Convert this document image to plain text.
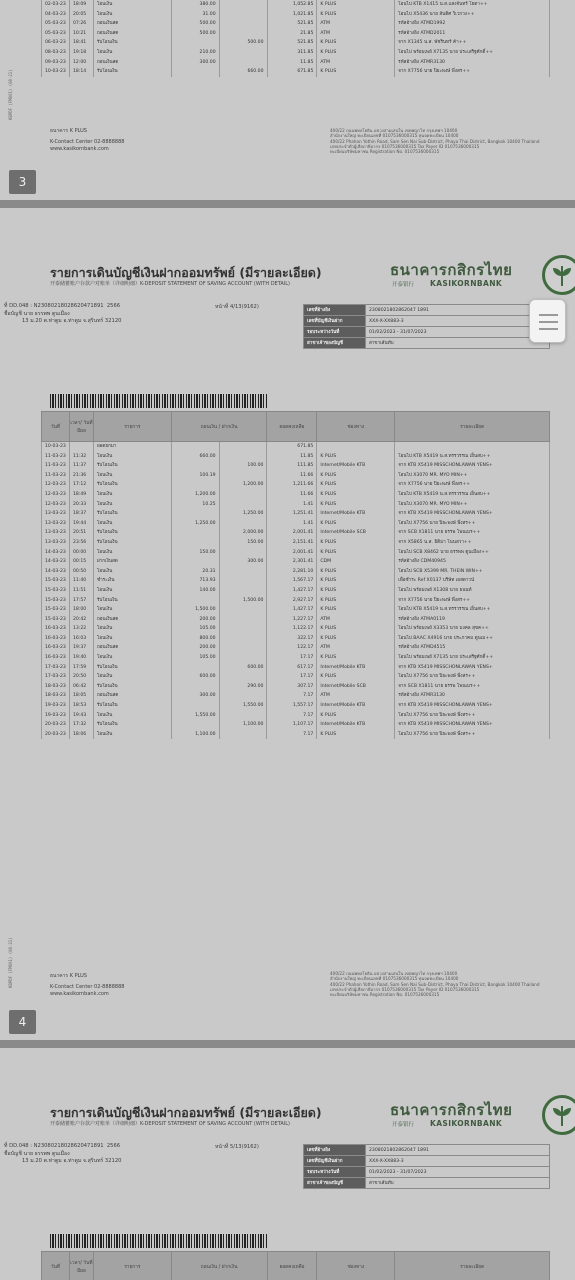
KBPDF (FM001) (08-21)
02-03-23	18:09	โอนเงิน	380.00		1,052.85	K PLUS	โอนไป KTB X1415 น.ส.แสงจันทร์ โยตา++
04-03-23	20:05	โอนเงิน	31.00		1,021.85	K PLUS	โอนไป X5436 นาย สันติศ วิเวกวง++
05-03-23	07:26	ถอนเงินสด	500.00		521.85	ATM	รหัสอ้างอิง ATMD1992
05-03-23	10:21	ถอนเงินสด	500.00		21.85	ATM	รหัสอ้างอิง ATMD2011
06-03-23	18:41	รับโอนเงิน		500.00	521.85	K PLUS	จาก X1345 น.ส. พัชรินทร์ ค้า++
08-03-23	19:18	โอนเงิน	210.00		311.85	K PLUS	โอนไป พร้อมเพย์ X7135 นาย ประเสริฐศักดิ์++
09-03-23	12:00	ถอนเงินสด	300.00		11.85	ATM	รหัสอ้างอิง ATMR3130
10-03-23	18:14	รับโอนเงิน		660.00	671.85	K PLUS	จาก X7756 นาย ปิยะพงษ์ พึ่งสร++
ธนาคาร K PLUS
K-Contact Center 02-8888888
www.kasikornbank.com
400/22 ถนนพหลโยธิน แขวงสามเสนใน เขตพญาไท กรุงเทพฯ 10400
สำนักงานใหญ่ ทะเบียนเลขที่ 0107536000315 ทุนจดทะเบียน 10400
400/22 Phahon Yothin Road, Sam Sen Nai Sub-District, Phaya Thai District, Bangkok 10400 Thailand
เลขประจำตัวผู้เสียภาษีอากร 0107536000315 Tax Payer ID 0107536000315
ทะเบียนบริษัทมหาชน Registration No. 0107536000315
3
รายการเดินบัญชีเงินฝากออมทรัพย์ (มีรายละเอียด)
开泰储蓄账户存款户对账单（详细明细）K-DEPOSIT STATEMENT OF SAVING ACCOUNT (WITH DETAIL)
ธนาคารกสิกรไทย
开泰银行 KASIKORNBANK
ที่ DD.048 : N23080218028620471891  2566
ชื่อบัญชี นาย ธรรพพ ตูนเมือง
13 ม.20 ต.ท่าตูม อ.ท่าตูม จ.สุรินทร์ 32120
หน้าที่ 4/13(9162)	เลขที่อ้างอิง	2308021802862047 1891
เลขที่บัญชีเงินฝาก	XXX-X-XX883-3
รอบระหว่างวันที่	01/02/2023 - 31/07/2023
สาขาเจ้าของบัญชี	สาขาเส้นทับ
KBPDF (FM001) (08-21)
วันที่	เวลา/ วันที่มีผล	รายการ	ถอนเงิน / ฝากเงิน		ยอดคงเหลือ	ช่องทาง	รายละเอียด
10-03-23		ยอดยกมา			671.85		
11-03-23	11:32	โอนเงิน	660.00		11.85	K PLUS	โอนไป KTB X5419 น.ส.ทรรวรรณ เย็นสบ++
11-03-23	11:37	รับโอนเงิน		100.00	111.85	Internet/Mobile KTB	จาก KTB X5419 MISSCHONLAWAN YENS+
11-03-23	21:36	โอนเงิน	100.19		11.66	K PLUS	โอนไป X3070 MR. MYO MIN++
12-03-23	17:12	รับโอนเงิน		1,200.00	1,211.66	K PLUS	จาก X7756 นาย ปิยะพงษ์ พึ่งสร++
12-03-23	18:49	โอนเงิน	1,200.00		11.66	K PLUS	โอนไป KTB X5419 น.ส.ทรรวรรณ เย็นสบ++
12-03-23	20:33	โอนเงิน	10.25		1.41	K PLUS	โอนไป X3070 MR. MYO MIN++
13-03-23	18:37	รับโอนเงิน		1,250.00	1,251.41	Internet/Mobile KTB	จาก KTB X5419 MISSCHONLAWAN YENS+
13-03-23	19:44	โอนเงิน	1,250.00		1.41	K PLUS	โอนไป X7756 นาย ปิยะพงษ์ พึ่งสร++
13-03-23	20:51	รับโอนเงิน		2,000.00	2,001.41	Internet/Mobile SCB	จาก SCB X1811 นาย ธรรพ โพนเมร++
13-03-23	23:56	รับโอนเงิน		150.00	2,151.41	K PLUS	จาก X5865 น.ส. ธิติมา โนนสวา++
14-03-23	00:00	โอนเงิน	150.00		2,001.41	K PLUS	โอนไป SCB X8462 นาย ธรรพพ ตูนเมือง++
14-03-23	00:15	ฝากเงินสด		300.00	2,301.41	CDM	รหัสอ้างอิง CDM40945
14-03-23	00:50	โอนเงิน	20.31		2,281.10	K PLUS	โอนไป SCB X5399 MR. THEIN WIN++
15-03-23	11:40	ชำระเงิน	713.93		1,567.17	K PLUS	เพื่อชำระ Ref X0137 บริษัท เอสดาวน์
15-03-23	11:51	โอนเงิน	140.00		1,427.17	K PLUS	โอนไป พร้อมเพย์ X1308 นาย ธนนท์
15-03-23	17:57	รับโอนเงิน		1,500.00	2,927.17	K PLUS	จาก X7756 นาย ปิยะพงษ์ พึ่งสร++
15-03-23	18:00	โอนเงิน	1,500.00		1,427.17	K PLUS	โอนไป KTB X5419 น.ส.ทรรวรรณ เย็นสบ++
15-03-23	20:42	ถอนเงินสด	200.00		1,227.17	ATM	รหัสอ้างอิง ATMA0119
16-03-23	13:22	โอนเงิน	105.00		1,122.17	K PLUS	โอนไป พร้อมเพย์ X3353 นาย มงคล สุขค++
16-03-23	16:03	โอนเงิน	800.00		322.17	K PLUS	โอนไป BAAC X4916 นาย ประภาคม ตูนเม++
16-03-23	19:37	ถอนเงินสด	200.00		122.17	ATM	รหัสอ้างอิง ATMD4515
16-03-23	19:40	โอนเงิน	105.00		17.17	K PLUS	โอนไป พร้อมเพย์ X7135 นาย ประเสริฐศักดิ์++
17-03-23	17:59	รับโอนเงิน		600.00	617.17	Internet/Mobile KTB	จาก KTB X5419 MISSCHONLAWAN YENS+
17-03-23	20:50	โอนเงิน	600.00		17.17	K PLUS	โอนไป X7756 นาย ปิยะพงษ์ พึ่งสร++
18-03-23	06:42	รับโอนเงิน		290.00	307.17	Internet/Mobile SCB	จาก SCB X1811 นาย ธรรพ โพนเมร++
18-03-23	18:05	ถอนเงินสด	300.00		7.17	ATM	รหัสอ้างอิง ATMR3130
19-03-23	18:53	รับโอนเงิน		1,550.00	1,557.17	Internet/Mobile KTB	จาก KTB X5419 MISSCHONLAWAN YENS+
19-03-23	19:43	โอนเงิน	1,550.00		7.17	K PLUS	โอนไป X7756 นาย ปิยะพงษ์ พึ่งสร++
20-03-23	17:32	รับโอนเงิน		1,100.00	1,107.17	Internet/Mobile KTB	จาก KTB X5419 MISSCHONLAWAN YENS+
20-03-23	18:06	โอนเงิน	1,100.00		7.17	K PLUS	โอนไป X7756 นาย ปิยะพงษ์ พึ่งสร++
ธนาคาร K PLUS
K-Contact Center 02-8888888
www.kasikornbank.com
400/22 ถนนพหลโยธิน แขวงสามเสนใน เขตพญาไท กรุงเทพฯ 10400
สำนักงานใหญ่ ทะเบียนเลขที่ 0107536000315 ทุนจดทะเบียน 10400
400/22 Phahon Yothin Road, Sam Sen Nai Sub-District, Phaya Thai District, Bangkok 10400 Thailand
เลขประจำตัวผู้เสียภาษีอากร 0107536000315 Tax Payer ID 0107536000315
ทะเบียนบริษัทมหาชน Registration No. 0107536000315
4
รายการเดินบัญชีเงินฝากออมทรัพย์ (มีรายละเอียด)
开泰储蓄账户存款户对账单（详细明细）K-DEPOSIT STATEMENT OF SAVING ACCOUNT (WITH DETAIL)
ธนาคารกสิกรไทย
开泰银行 KASIKORNBANK
ที่ DD.048 : N23080218028620471891  2566
ชื่อบัญชี นาย ธรรพพ ตูนเมือง
13 ม.20 ต.ท่าตูม อ.ท่าตูม จ.สุรินทร์ 32120
หน้าที่ 5/13(9162)	เลขที่อ้างอิง	2308021802862047 1891
เลขที่บัญชีเงินฝาก	XXX-X-XX883-3
รอบระหว่างวันที่	01/02/2023 - 31/07/2023
สาขาเจ้าของบัญชี	สาขาเส้นทับ
วันที่	เวลา/ วันที่มีผล	รายการ	ถอนเงิน / ฝากเงิน	ยอดคงเหลือ	ช่องทาง	รายละเอียด
